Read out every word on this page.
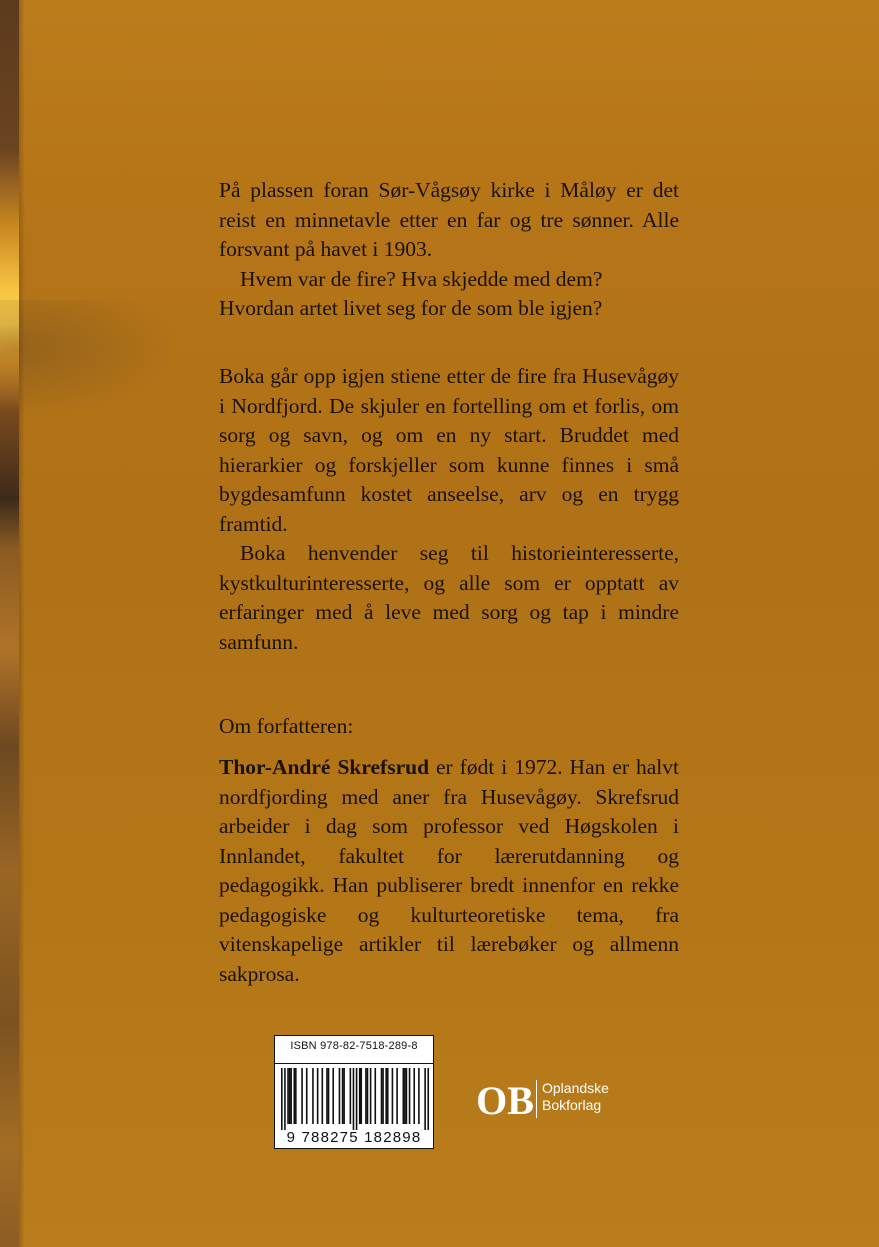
På plassen foran Sør-Vågsøy kirke i Måløy er det reist en minnetavle etter en far og tre sønner. Alle forsvant på havet i 1903.

Hvem var de fire? Hva skjedde med dem? Hvordan artet livet seg for de som ble igjen?

Boka går opp igjen stiene etter de fire fra Husevågøy i Nordfjord. De skjuler en fortelling om et forlis, om sorg og savn, og om en ny start. Bruddet med hierarkier og forskjeller som kunne finnes i små bygdesamfunn kostet anseelse, arv og en trygg framtid.

Boka henvender seg til historieinteresserte, kystkulturinteresserte, og alle som er opptatt av erfaringer med å leve med sorg og tap i mindre samfunn.

Om forfatteren:

Thor-André Skrefsrud er født i 1972. Han er halvt nordfjording med aner fra Husevågøy. Skrefsrud arbeider i dag som professor ved Høgskolen i Innlandet, fakultet for lærerutdanning og pedagogikk. Han publiserer bredt innenfor en rekke pedagogiske og kulturteoretiske tema, fra vitenskapelige artikler til lærebøker og allmenn sakprosa.

ISBN 978-82-7518-289-8
9 788275 182898
OB Oplandske
Bokforlag
